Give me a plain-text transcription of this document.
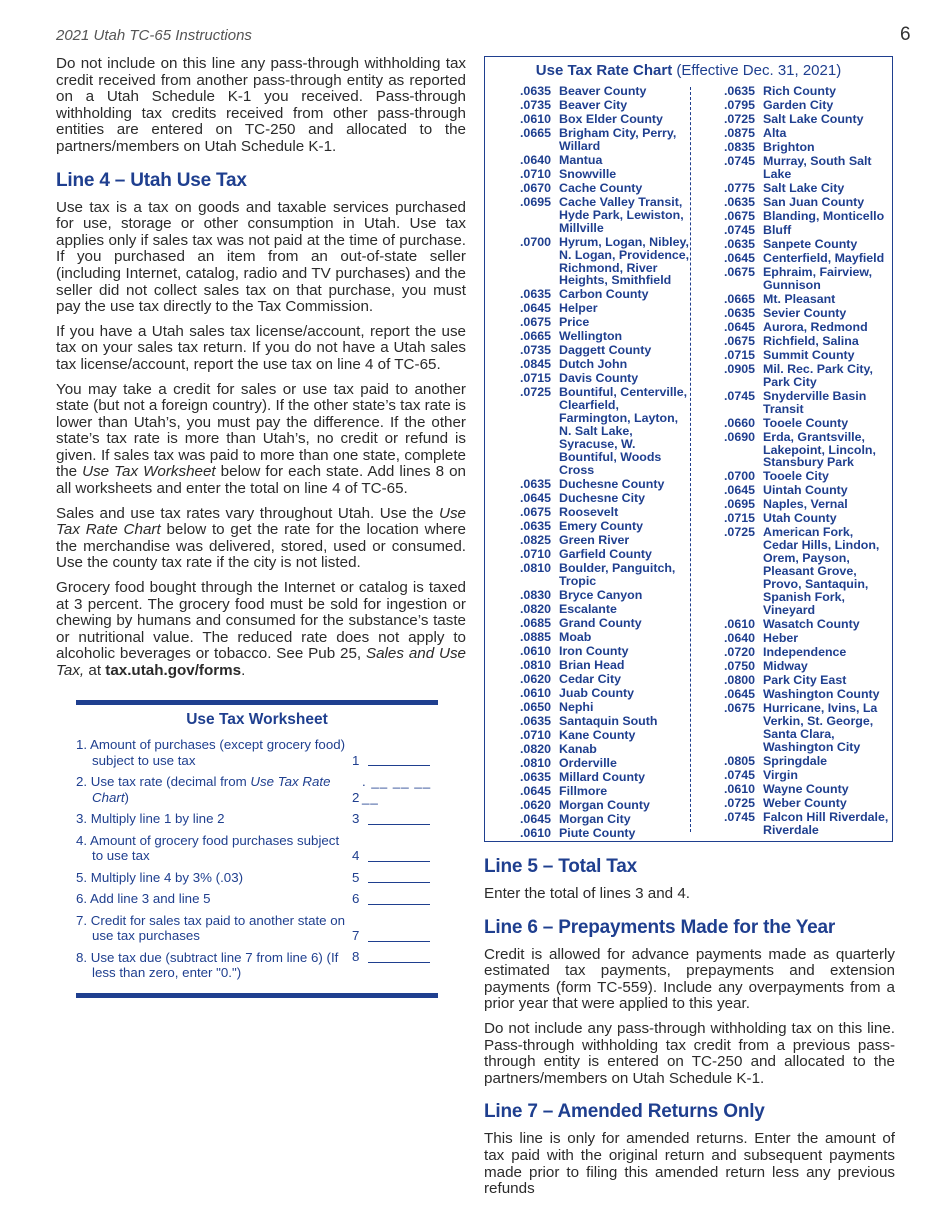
2021 Utah TC-65 Instructions	6

Do not include on this line any pass-through withholding tax credit received from another pass-through entity as reported on a Utah Schedule K-1 you received. Pass-through withholding tax credits received from other pass-through entities are entered on TC-250 and allocated to the partners/members on Utah Schedule K-1.

Line 4 – Utah Use Tax

Use tax is a tax on goods and taxable services purchased for use, storage or other consumption in Utah. Use tax applies only if sales tax was not paid at the time of purchase. If you purchased an item from an out-of-state seller (including Internet, catalog, radio and TV purchases) and the seller did not collect sales tax on that purchase, you must pay the use tax directly to the Tax Commission.

If you have a Utah sales tax license/account, report the use tax on your sales tax return. If you do not have a Utah sales tax license/account, report the use tax on line 4 of TC-65.

You may take a credit for sales or use tax paid to another state (but not a foreign country). If the other state’s tax rate is lower than Utah’s, you must pay the difference. If the other state’s tax rate is more than Utah’s, no credit or refund is given. If sales tax was paid to more than one state, complete the Use Tax Worksheet below for each state. Add lines 8 on all worksheets and enter the total on line 4 of TC-65.

Sales and use tax rates vary throughout Utah. Use the Use Tax Rate Chart below to get the rate for the location where the merchandise was delivered, stored, used or consumed. Use the county tax rate if the city is not listed.

Grocery food bought through the Internet or catalog is taxed at 3 percent. The grocery food must be sold for ingestion or chewing by humans and consumed for the substance’s taste or nutritional value. The reduced rate does not apply to alcoholic beverages or tobacco. See Pub 25, Sales and Use Tax, at tax.utah.gov/forms.

Use Tax Worksheet
1. Amount of purchases (except grocery food) subject to use tax	1
2. Use tax rate (decimal from Use Tax Rate Chart)	2
. __ __ __ __
3. Multiply line 1 by line 2	3
4. Amount of grocery food purchases subject to use tax	4
5. Multiply line 4 by 3% (.03)	5
6. Add line 3 and line 5	6
7. Credit for sales tax paid to another state on use tax purchases	7
8. Use tax due (subtract line 7 from line 6) (If less than zero, enter "0.")
8
Use Tax Rate Chart (Effective Dec. 31, 2021)
.0635 Beaver County
.0735 Beaver City
.0610 Box Elder County
.0665 Brigham City, Perry, Willard
.0640 Mantua
.0710 Snowville
.0670 Cache County
.0695 Cache Valley Transit, Hyde Park, Lewiston, Millville
.0700 Hyrum, Logan, Nibley, N. Logan, Providence, Richmond, River Heights, Smithfield
.0635 Carbon County
.0645 Helper
.0675 Price
.0665 Wellington
.0735 Daggett County
.0845 Dutch John
.0715 Davis County
.0725 Bountiful, Centerville, Clearfield, Farmington, Layton, N. Salt Lake, Syracuse, W. Bountiful, Woods Cross
.0635 Duchesne County
.0645 Duchesne City
.0675 Roosevelt
.0635 Emery County
.0825 Green River
.0710 Garfield County
.0810 Boulder, Panguitch, Tropic
.0830 Bryce Canyon
.0820 Escalante
.0685 Grand County
.0885 Moab
.0610 Iron County
.0810 Brian Head
.0620 Cedar City
.0610 Juab County
.0650 Nephi
.0635 Santaquin South
.0710 Kane County
.0820 Kanab
.0810 Orderville
.0635 Millard County
.0645 Fillmore
.0620 Morgan County
.0645 Morgan City
.0610 Piute County
.0635 Rich County
.0795 Garden City
.0725 Salt Lake County
.0875 Alta
.0835 Brighton
.0745 Murray, South Salt Lake
.0775 Salt Lake City
.0635 San Juan County
.0675 Blanding, Monticello
.0745 Bluff
.0635 Sanpete County
.0645 Centerfield, Mayfield
.0675 Ephraim, Fairview, Gunnison
.0665 Mt. Pleasant
.0635 Sevier County
.0645 Aurora, Redmond
.0675 Richfield, Salina
.0715 Summit County
.0905 Mil. Rec. Park City, Park City
.0745 Snyderville Basin Transit
.0660 Tooele County
.0690 Erda, Grantsville, Lakepoint, Lincoln, Stansbury Park
.0700 Tooele City
.0645 Uintah County
.0695 Naples, Vernal
.0715 Utah County
.0725 American Fork, Cedar Hills, Lindon, Orem, Payson, Pleasant Grove, Provo, Santaquin, Spanish Fork, Vineyard
.0610 Wasatch County
.0640 Heber
.0720 Independence
.0750 Midway
.0800 Park City East
.0645 Washington County
.0675 Hurricane, Ivins, La Verkin, St. George, Santa Clara, Washington City
.0805 Springdale
.0745 Virgin
.0610 Wayne County
.0725 Weber County
.0745 Falcon Hill Riverdale, Riverdale
Line 5 – Total Tax

Enter the total of lines 3 and 4.

Line 6 – Prepayments Made for the Year

Credit is allowed for advance payments made as quarterly estimated tax payments, prepayments and extension payments (form TC-559). Include any overpayments from a prior year that were applied to this year.

Do not include any pass-through withholding tax on this line. Pass-through withholding tax credit from a previous pass-through entity is entered on TC-250 and allocated to the partners/members on Utah Schedule K-1.

Line 7 – Amended Returns Only

This line is only for amended returns. Enter the amount of tax paid with the original return and subsequent payments made prior to filing this amended return less any previous refunds
